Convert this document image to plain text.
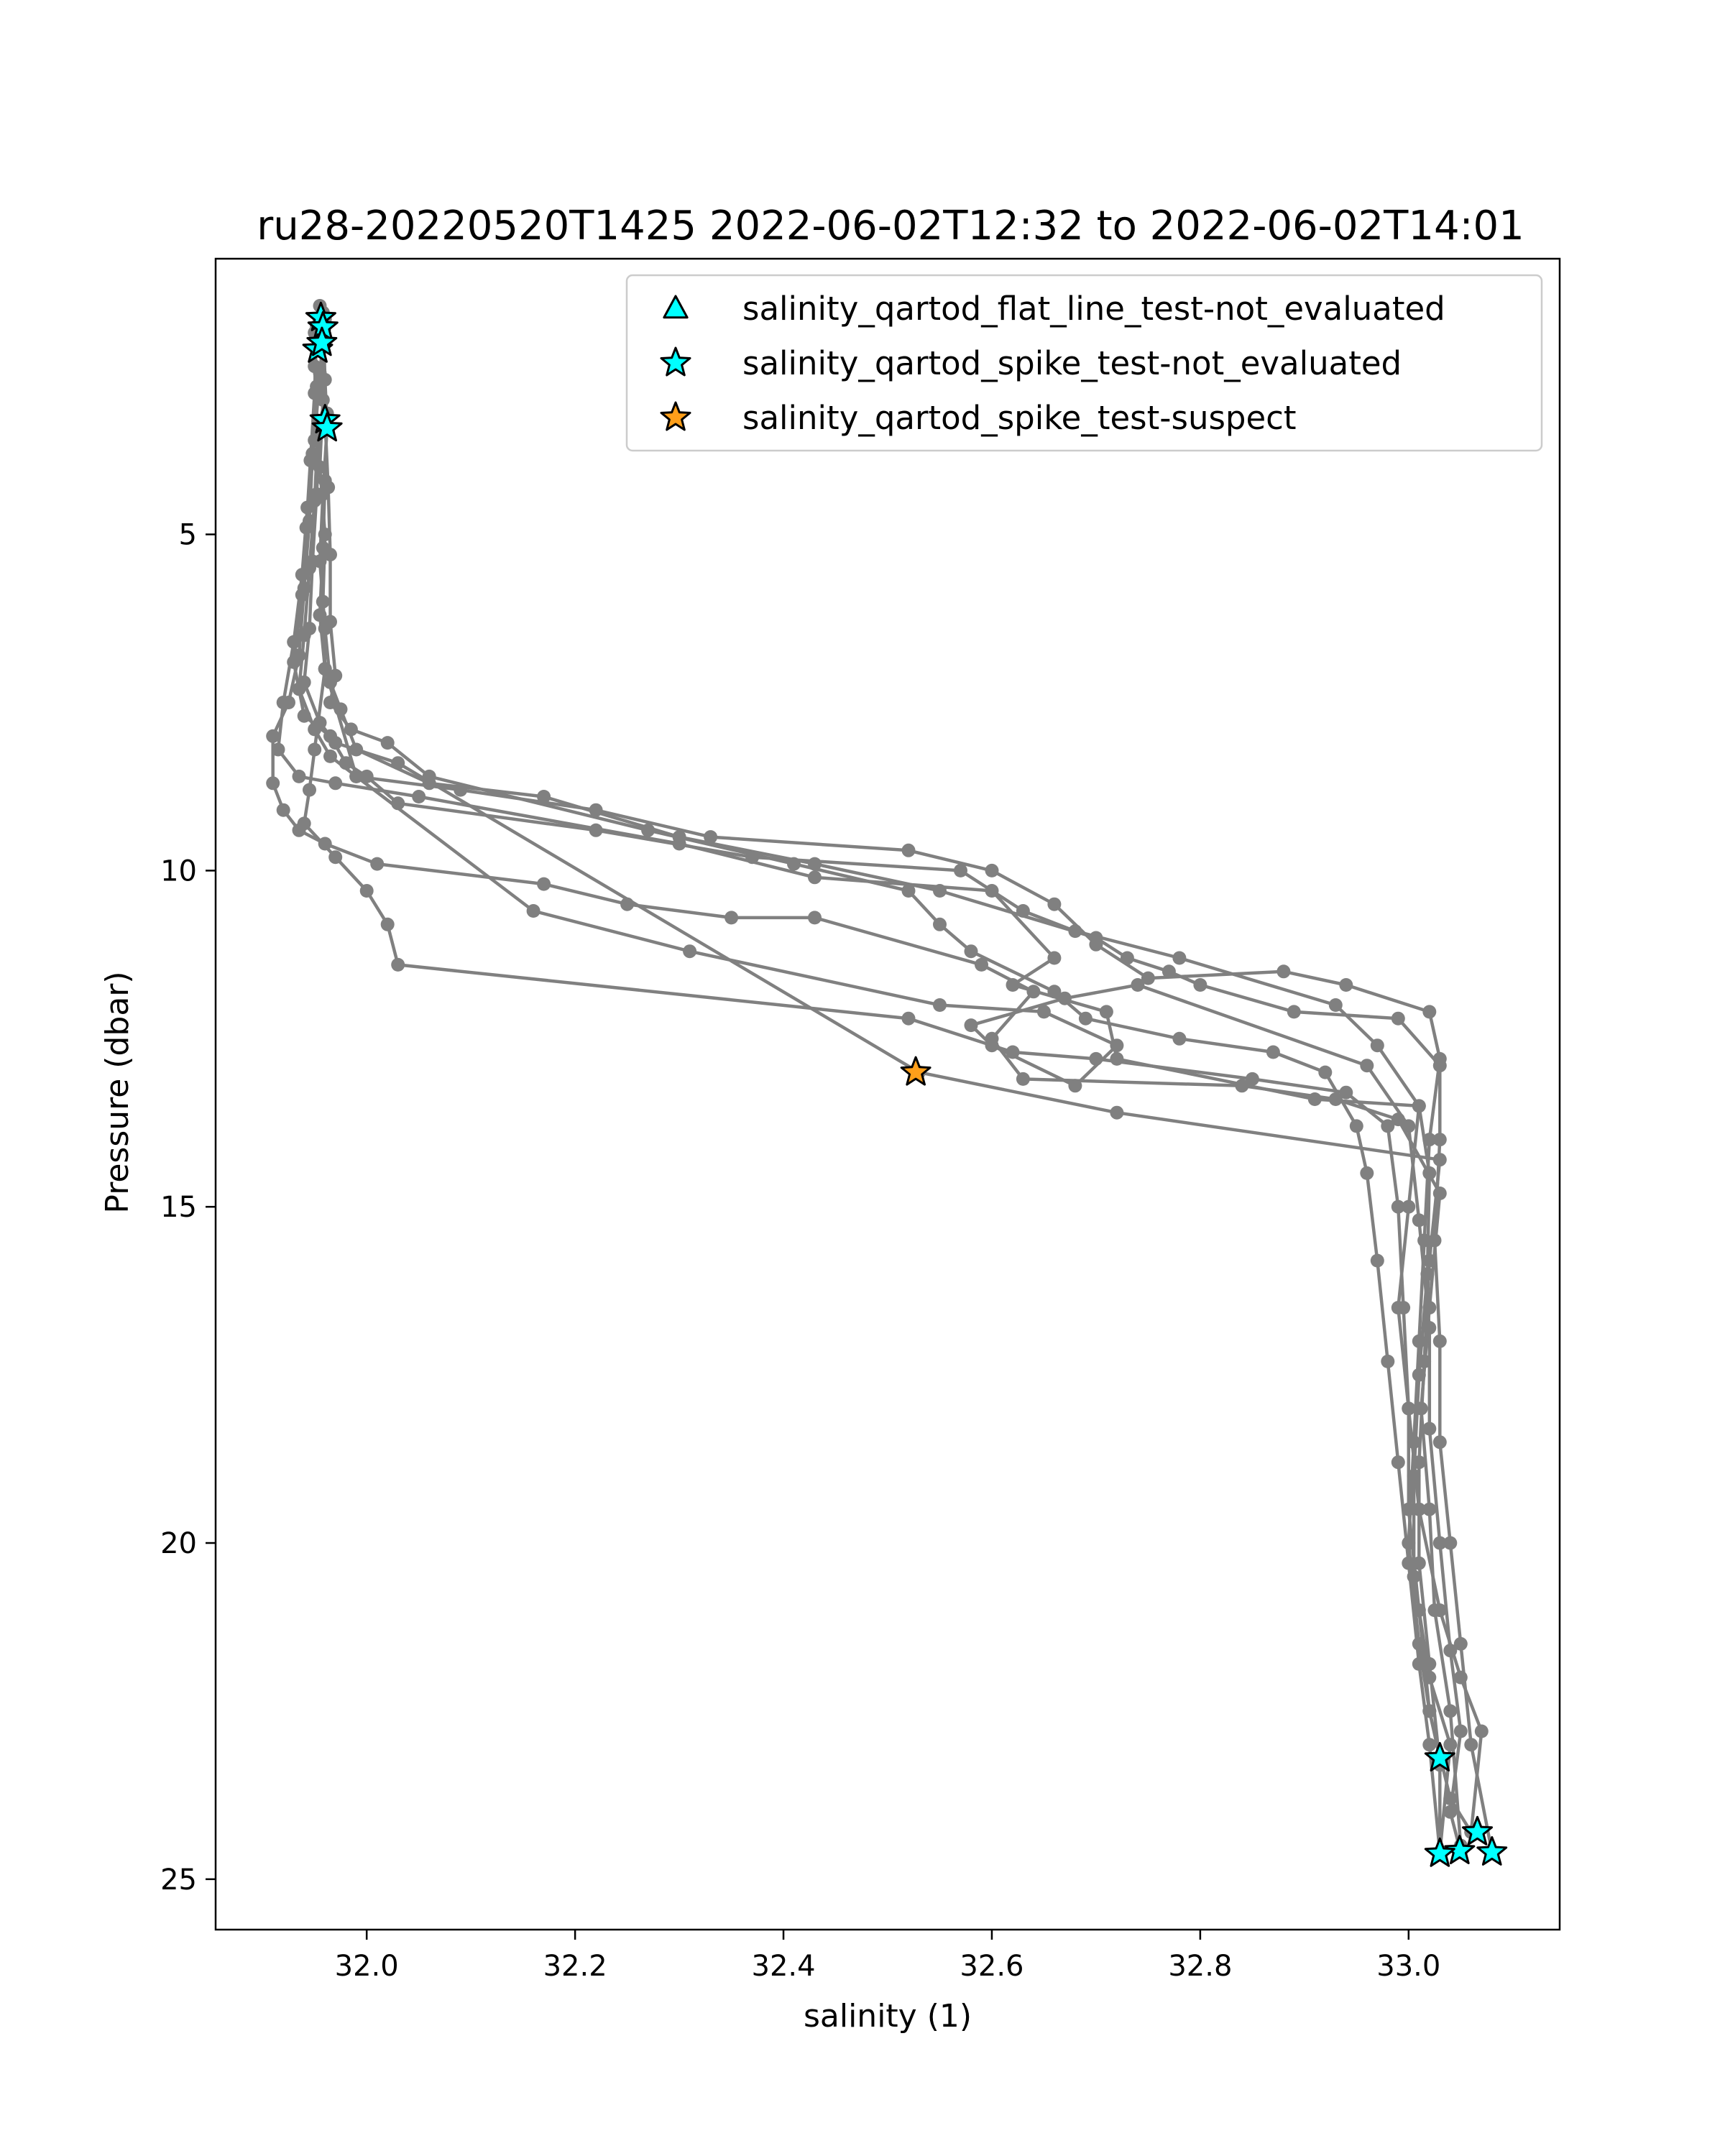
ru28-20220520T1425 2022-06-02T12:32 to 2022-06-02T14:01
32.0	32.2	32.4	32.6	32.8	33.0
5
10
15
20
25
salinity (1)
Pressure (dbar)
salinity_qartod_flat_line_test-not_evaluated
salinity_qartod_spike_test-not_evaluated
salinity_qartod_spike_test-suspect
